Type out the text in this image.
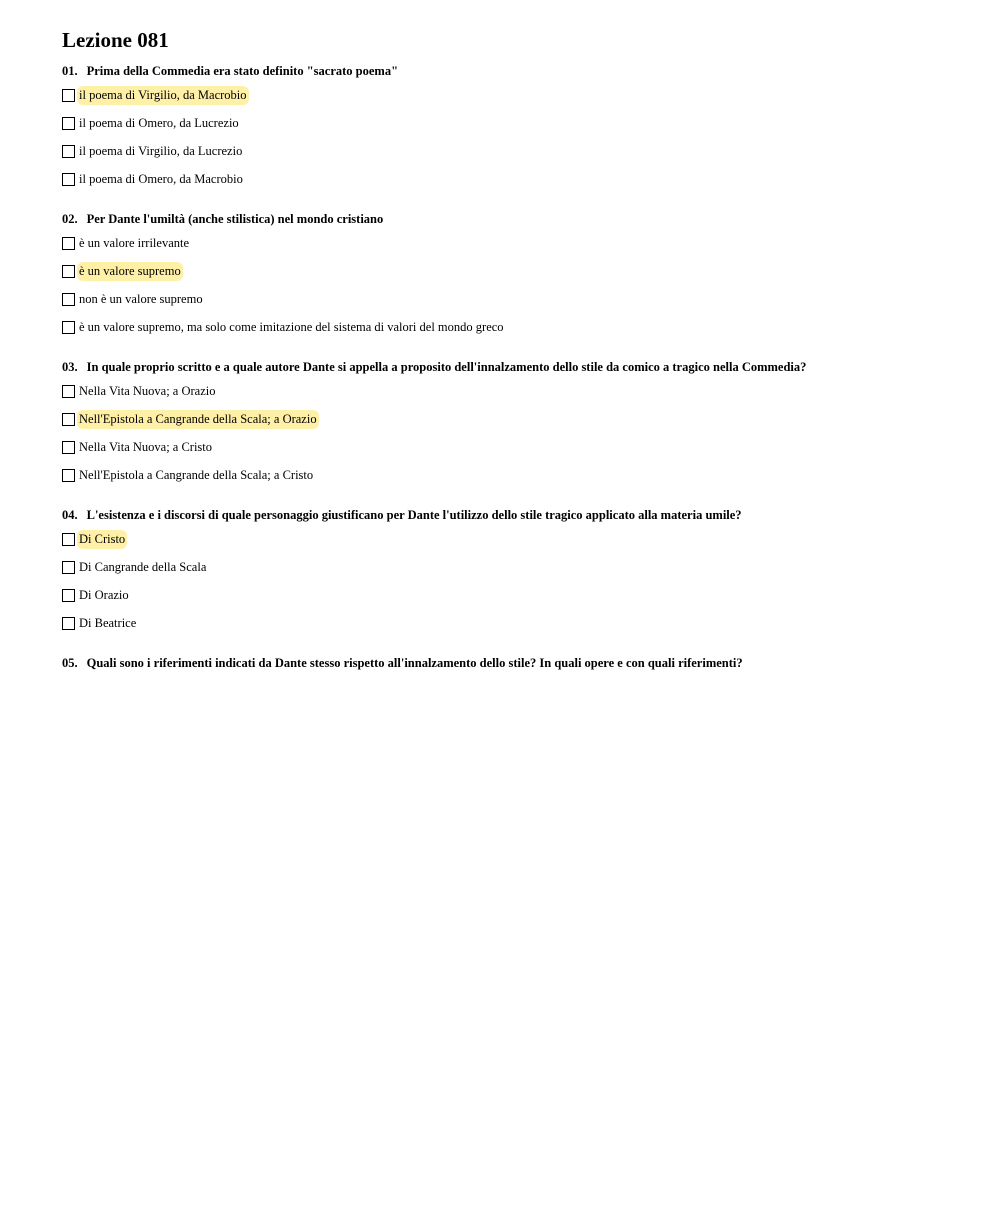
Lezione 081
01. Prima della Commedia era stato definito "sacrato poema"
il poema di Virgilio, da Macrobio
il poema di Omero, da Lucrezio
il poema di Virgilio, da Lucrezio
il poema di Omero, da Macrobio
02. Per Dante l'umiltà (anche stilistica) nel mondo cristiano
è un valore irrilevante
è un valore supremo
non è un valore supremo
è un valore supremo, ma solo come imitazione del sistema di valori del mondo greco
03. In quale proprio scritto e a quale autore Dante si appella a proposito dell'innalzamento dello stile da comico a tragico nella Commedia?
Nella Vita Nuova; a Orazio
Nell'Epistola a Cangrande della Scala; a Orazio
Nella Vita Nuova; a Cristo
Nell'Epistola a Cangrande della Scala; a Cristo
04. L'esistenza e i discorsi di quale personaggio giustificano per Dante l'utilizzo dello stile tragico applicato alla materia umile?
Di Cristo
Di Cangrande della Scala
Di Orazio
Di Beatrice
05. Quali sono i riferimenti indicati da Dante stesso rispetto all'innalzamento dello stile? In quali opere e con quali riferimenti?
